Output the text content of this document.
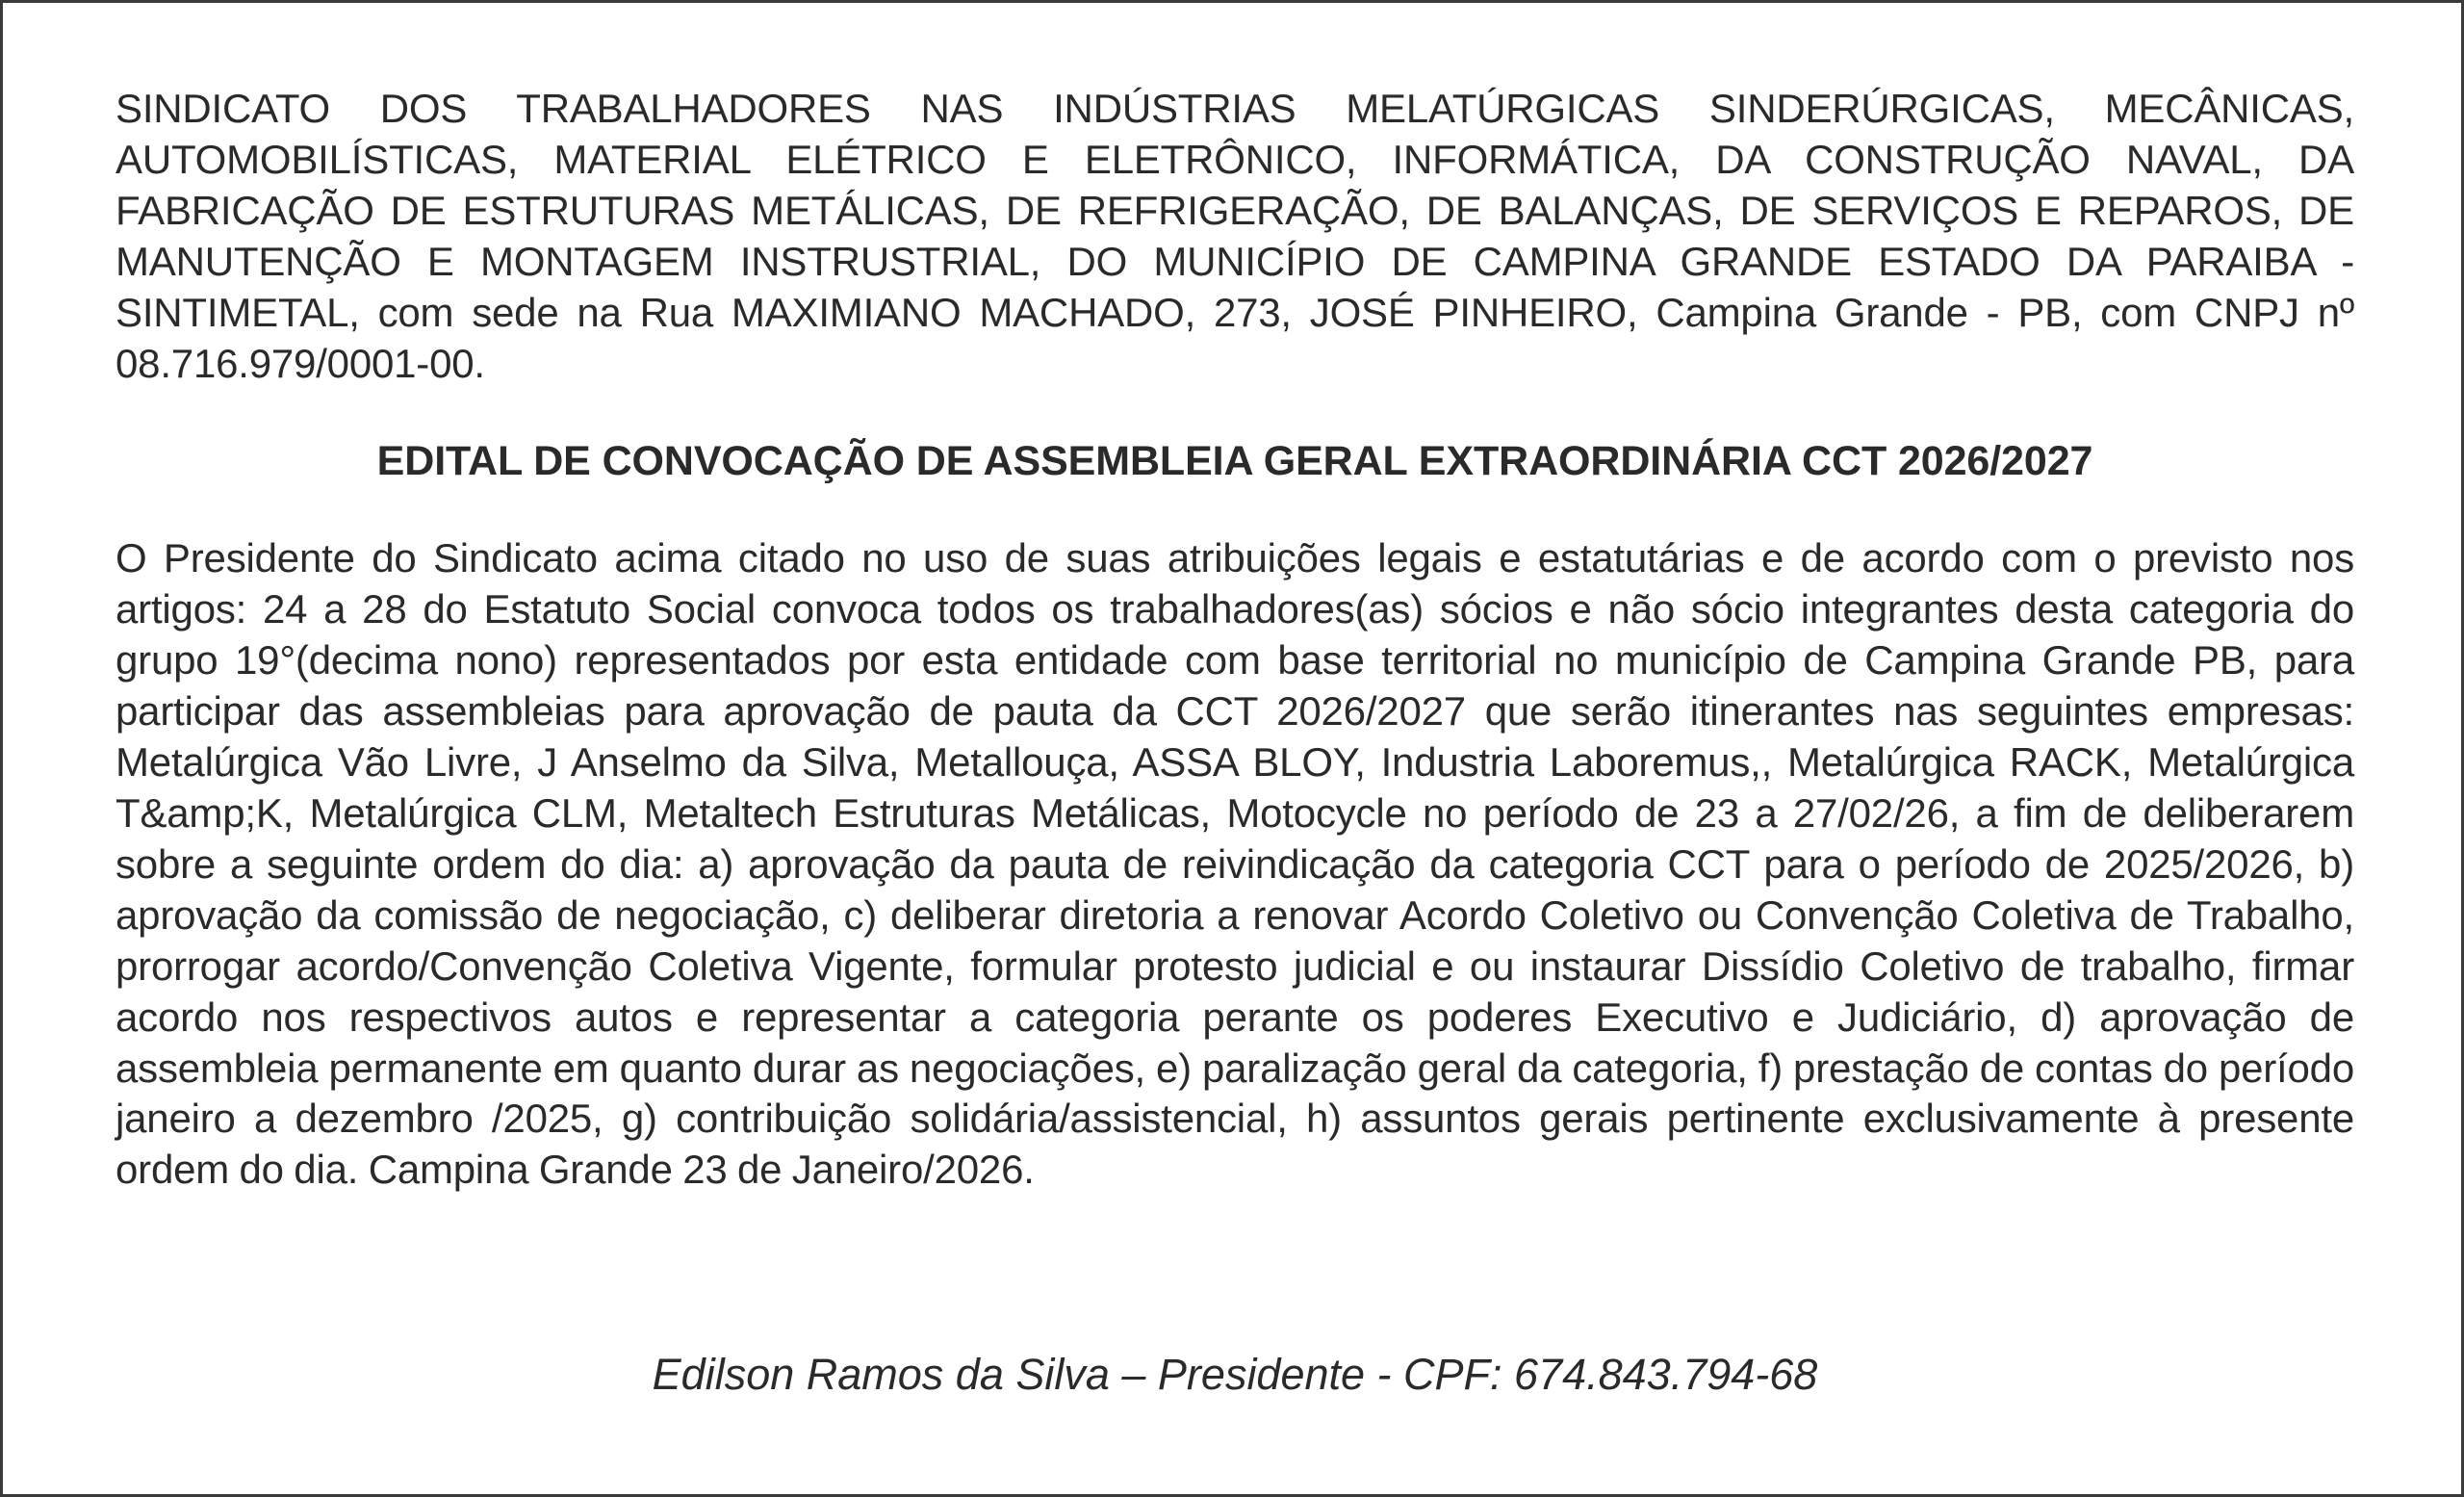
SINDICATO DOS TRABALHADORES NAS INDÚSTRIAS MELATÚRGICAS SINDERÚRGICAS, MECÂNICAS, AUTOMOBILÍSTICAS, MATERIAL ELÉTRICO E ELETRÔNICO, INFORMÁTICA, DA CONSTRUÇÃO NAVAL, DA FABRICAÇÃO DE ESTRUTURAS METÁLICAS, DE REFRIGERAÇÃO, DE BALANÇAS, DE SERVIÇOS E REPAROS, DE MANUTENÇÃO E MONTAGEM INSTRUSTRIAL, DO MUNICÍPIO DE CAMPINA GRANDE ESTADO DA PARAIBA - SINTIMETAL, com sede na Rua MAXIMIANO MACHADO, 273, JOSÉ PINHEIRO, Campina Grande - PB, com CNPJ nº 08.716.979/0001-00.

EDITAL DE CONVOCAÇÃO DE ASSEMBLEIA GERAL EXTRAORDINÁRIA CCT 2026/2027

O Presidente do Sindicato acima citado no uso de suas atribuições legais e estatutárias e de acordo com o previsto nos artigos: 24 a 28 do Estatuto Social convoca todos os trabalhadores(as) sócios e não sócio integrantes desta categoria do grupo 19°(decima nono) representados por esta entidade com base territorial no município de Campina Grande PB, para participar das assembleias para aprovação de pauta da CCT 2026/2027 que serão itinerantes nas seguintes empresas: Metalúrgica Vão Livre, J Anselmo da Silva, Metallouça, ASSA BLOY, Industria Laboremus,, Metalúrgica RACK, Metalúrgica T&amp;K, Metalúrgica CLM, Metaltech Estruturas Metálicas, Motocycle no período de 23 a 27/02/26, a fim de deliberarem sobre a seguinte ordem do dia: a) aprovação da pauta de reivindicação da categoria CCT para o período de 2025/2026, b) aprovação da comissão de negociação, c) deliberar diretoria a renovar Acordo Coletivo ou Convenção Coletiva de Trabalho, prorrogar acordo/Convenção Coletiva Vigente, formular protesto judicial e ou instaurar Dissídio Coletivo de trabalho, firmar acordo nos respectivos autos e representar a categoria perante os poderes Executivo e Judiciário, d) aprovação de assembleia permanente em quanto durar as negociações, e) paralização geral da categoria, f) prestação de contas do período janeiro a dezembro /2025, g) contribuição solidária/assistencial, h) assuntos gerais pertinente exclusivamente à presente ordem do dia. Campina Grande 23 de Janeiro/2026.

Edilson Ramos da Silva – Presidente - CPF: 674.843.794-68
